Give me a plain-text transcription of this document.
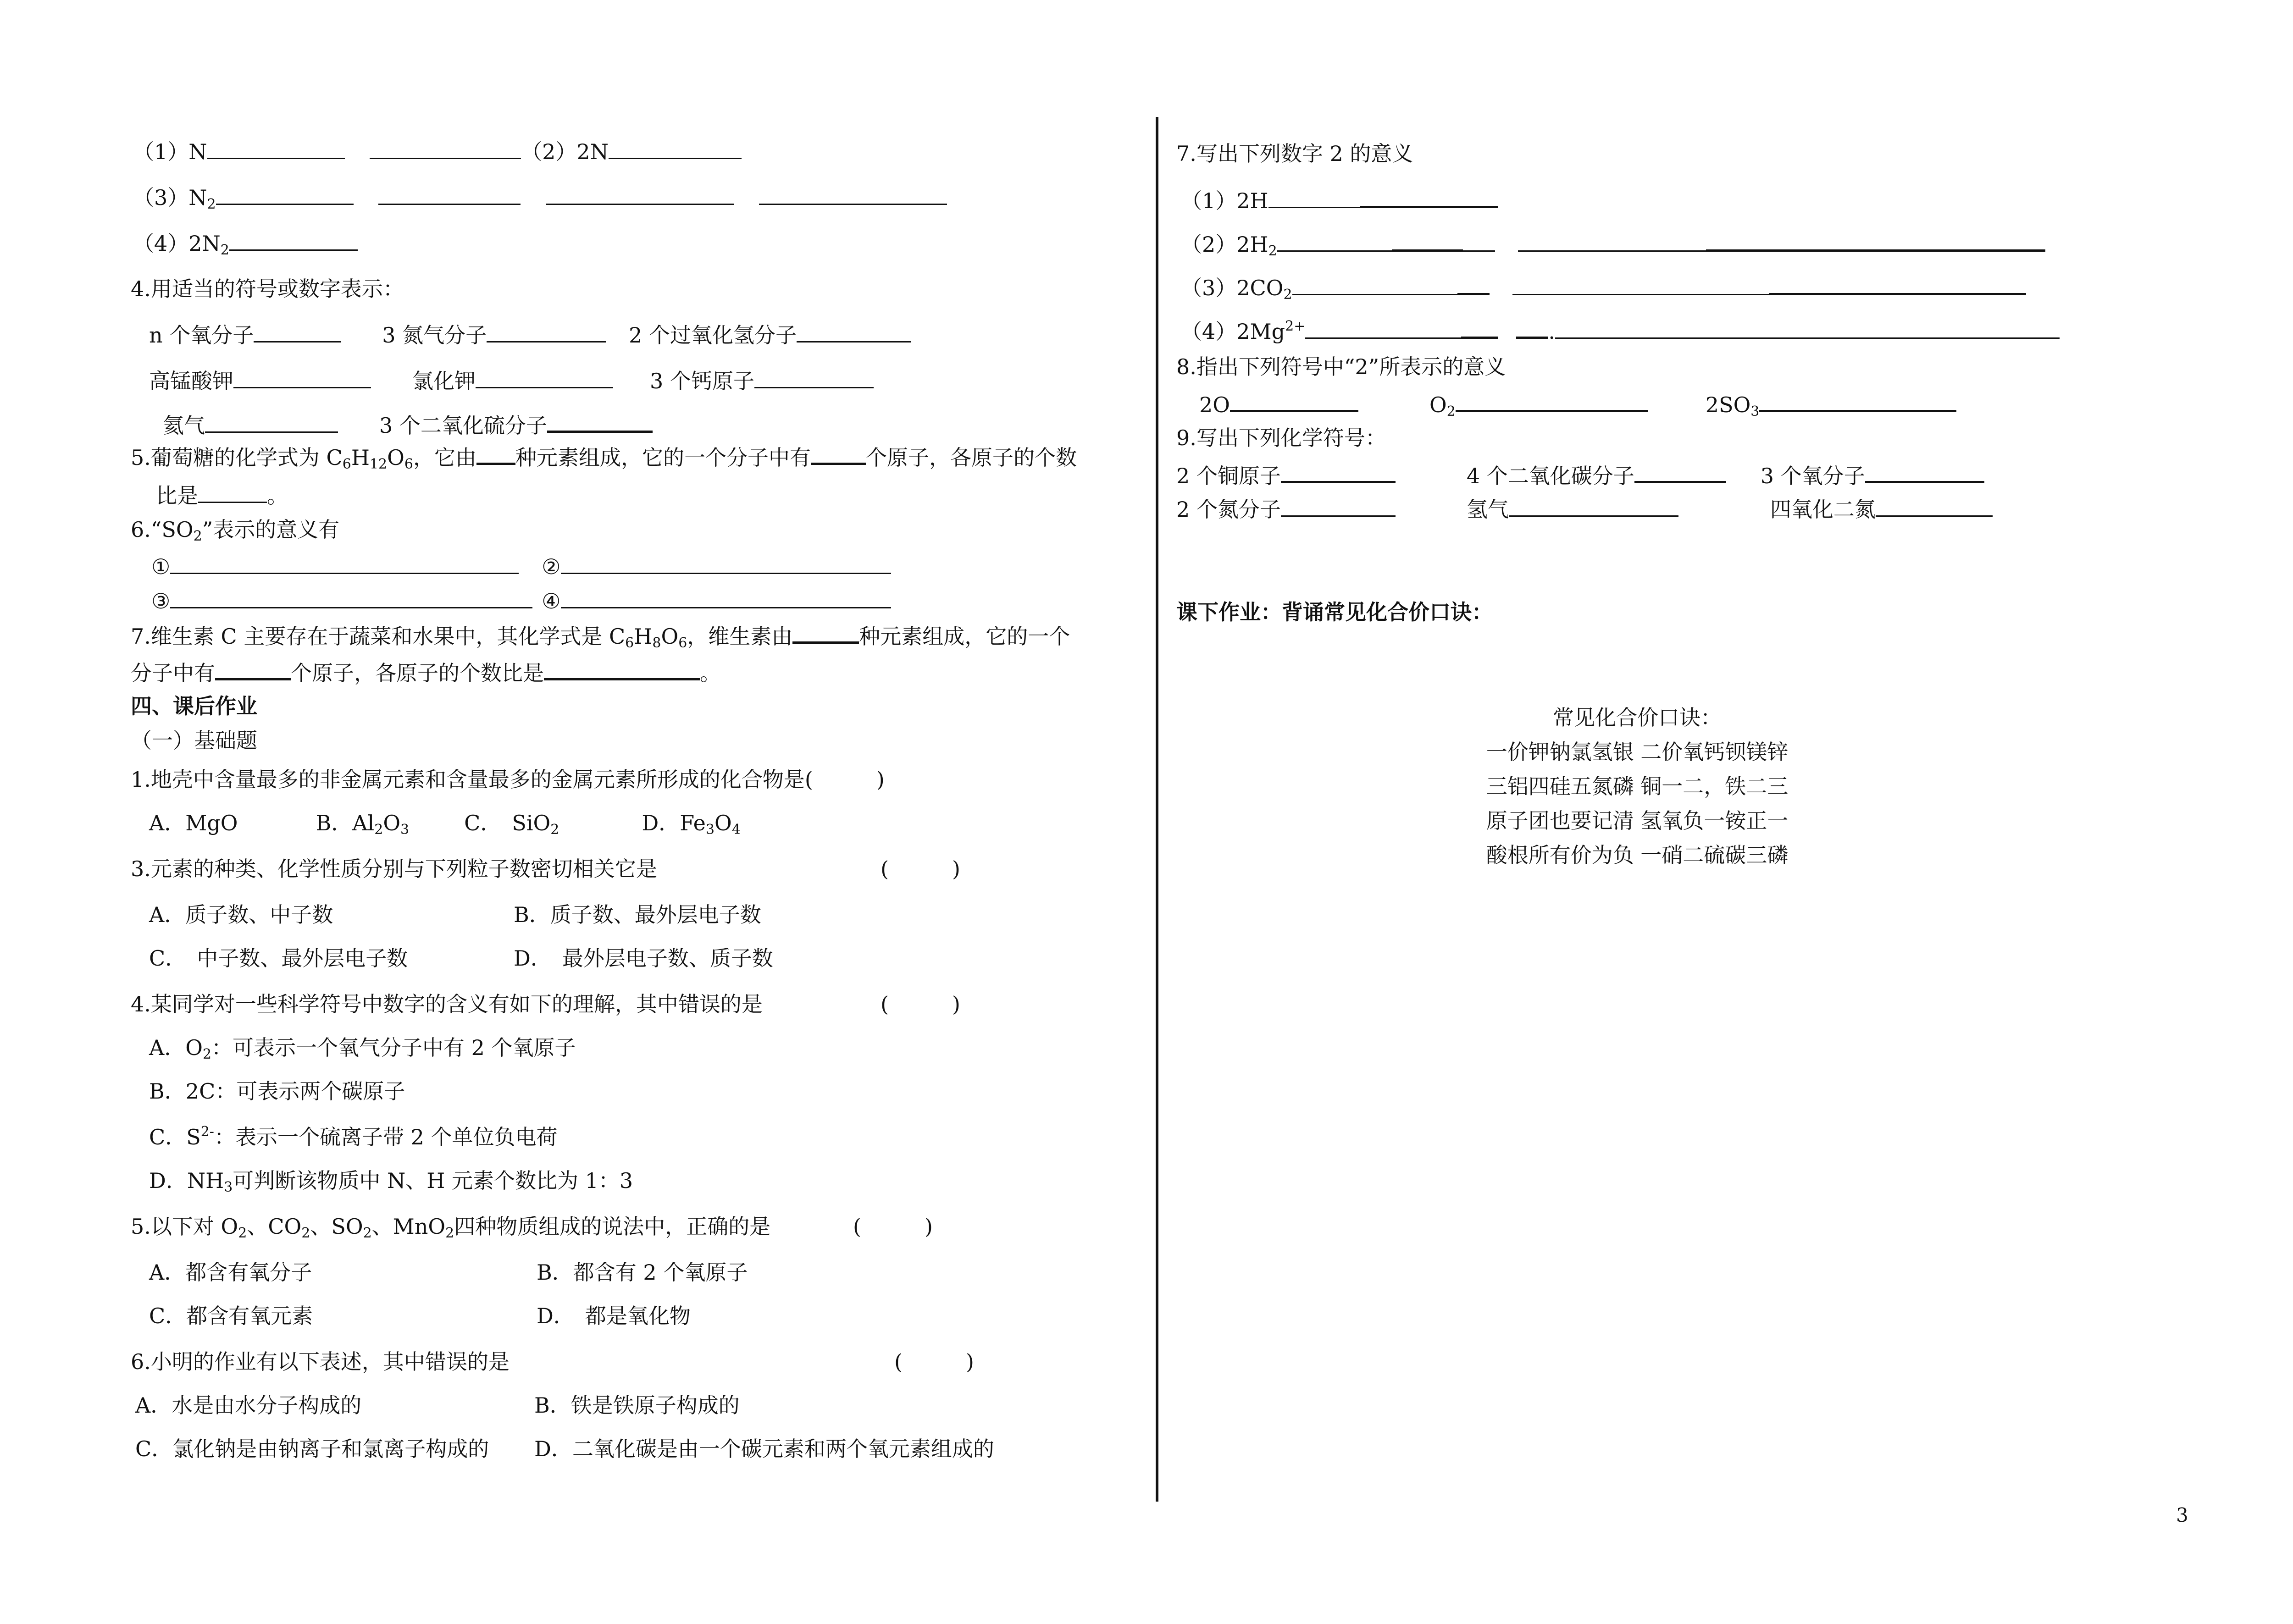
（1）N	（2）2N
$(3)N_2$
$(4)2N_2$
4.用适当的符号或数字表示：
n 个氧分子	3 氮气分子	2 个过氧化氢分子
高锰酸钾	氯化钾	3 个钙原子
氦气	3 个二氧化硫分子
5.葡萄糖的化学式为 $C_6H_{12}O_6$，它由 种元素组成，它的一个分子中有	个原子，各原子的个数
比是	。
$6.“SO_2$”表示的意义有
①	②
③	④
7.维生素 C 主要存在于蔬菜和水果中，其化学式是 $C_6H_8O_6$，维生素由	种元素组成，它的一个
分子中有	个原子，各原子的个数比是	。
四、课后作业
（一）基础题
1.地壳中含量最多的非金属元素和含量最多的金属元素所形成的化合物是(　　　)
A．MgO	B．$Al_2O_3$	C．　SiO$_2$	D．$Fe_3O_4$
3.元素的种类、化学性质分别与下列粒子数密切相关它是	(　　　)
A．质子数、中子数	B．质子数、最外层电子数
C．　中子数、最外层电子数	D．　最外层电子数、质子数
4.某同学对一些科学符号中数字的含义有如下的理解，其中错误的是	(　　　)
A．$O_2$：可表示一个氧气分子中有 2 个氧原子
B．2C：可表示两个碳原子
C．$S^{2-}$：表示一个硫离子带 2 个单位负电荷
D．$NH_3$可判断该物质中 N、H 元素个数比为 1：3
5.以下对 $O_2$、$CO_2$、$SO_2$、MnO$_2$四种物质组成的说法中，正确的是	(　　　)
A．都含有氧分子	B．都含有 2 个氧原子
C．都含有氧元素	D．　都是氧化物
6.小明的作业有以下表述，其中错误的是	(　　　)
A．水是由水分子构成的	B．铁是铁原子构成的
C．氯化钠是由钠离子和氯离子构成的 D．二氧化碳是由一个碳元素和两个氧元素组成的
7.写出下列数字 2 的意义
（1）2H
$(2)2H_2$
$(3)2CO_2$
$(4)2Mg^{2+}$	.
8.指出下列符号中“2”所表示的意义
2O	$O_2$	$2SO_3$
9.写出下列化学符号：
2 个铜原子	4 个二氧化碳分子	3 个氧分子
2 个氮分子	氢气	四氧化二氮
课下作业：背诵常见化合价口诀：
常见化合价口诀：
一价钾钠氯氢银 二价氧钙钡镁锌
三铝四硅五氮磷 铜一二，铁二三
原子团也要记清 氢氧负一铵正一
酸根所有价为负 一硝二硫碳三磷
3
